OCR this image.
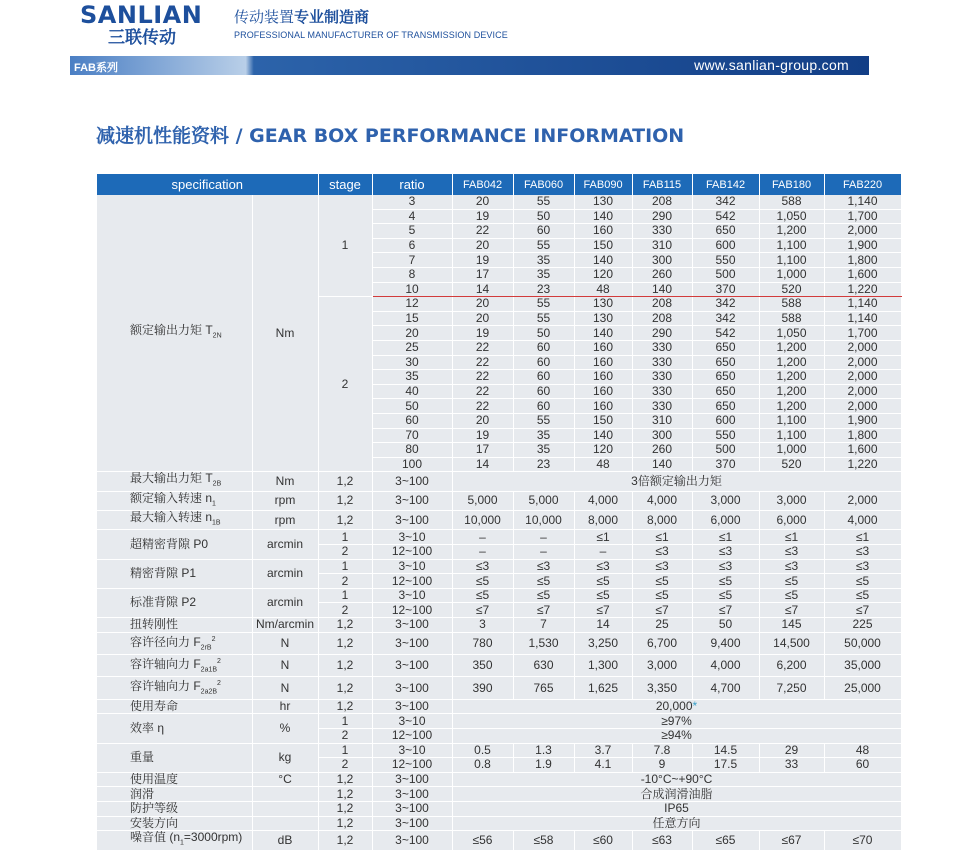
SANLIAN
三联传动
传动装置专业制造商
PROFESSIONAL MANUFACTURER OF TRANSMISSION DEVICE
FAB系列	www.sanlian-group.com
减速机性能资料 / GEAR BOX PERFORMANCE INFORMATION
specification		stage	ratio	FAB042	FAB060	FAB090	FAB115	FAB142	FAB180	FAB220
额定输出力矩 $T_{2N}$	Nm	1	3	20	55	130	208	342	588	1,140
			4	19	50	140	290	542	1,050	1,700
			5	22	60	160	330	650	1,200	2,000
			6	20	55	150	310	600	1,100	1,900
			7	19	35	140	300	550	1,100	1,800
			8	17	35	120	260	500	1,000	1,600
			10	14	23	48	140	370	520	1,220
		2	12	20	55	130	208	342	588	1,140
			15	20	55	130	208	342	588	1,140
			20	19	50	140	290	542	1,050	1,700
			25	22	60	160	330	650	1,200	2,000
			30	22	60	160	330	650	1,200	2,000
			35	22	60	160	330	650	1,200	2,000
			40	22	60	160	330	650	1,200	2,000
			50	22	60	160	330	650	1,200	2,000
			60	20	55	150	310	600	1,100	1,900
			70	19	35	140	300	550	1,100	1,800
			80	17	35	120	260	500	1,000	1,600
			100	14	23	48	140	370	520	1,220
最大输出力矩 $T_{2B}$	Nm	1,2	3~100	3倍额定输出力矩						
额定输入转速 $n_1$	rpm	1,2	3~100	5,000	5,000	4,000	4,000	3,000	3,000	2,000
最大输入转速 $n_{1B}$	rpm	1,2	3~100	10,000	10,000	8,000	8,000	6,000	6,000	4,000
超精密背隙 P0	arcmin	1	3~10	–	–	≤1	≤1	≤1	≤1	≤1
		2	12~100	–	–	–	≤3	≤3	≤3	≤3
精密背隙 P1	arcmin	1	3~10	≤3	≤3	≤3	≤3	≤3	≤3	≤3
		2	12~100	≤5	≤5	≤5	≤5	≤5	≤5	≤5
标准背隙 P2	arcmin	1	3~10	≤5	≤5	≤5	≤5	≤5	≤5	≤5
		2	12~100	≤7	≤7	≤7	≤7	≤7	≤7	≤7
扭转刚性	Nm/arcmin	1,2	3~100	3	7	14	25	50	145	225
容许径向力 $F_{2rB}^2$	N	1,2	3~100	780	1,530	3,250	6,700	9,400	14,500	50,000
容许轴向力 $F_{2a1B}^2$	N	1,2	3~100	350	630	1,300	3,000	4,000	6,200	35,000
容许轴向力 $F_{2a2B}^2$	N	1,2	3~100	390	765	1,625	3,350	4,700	7,250	25,000
使用寿命	hr	1,2	3~100	20,000*						
效率 η	%	1	3~10	≥97%						
		2	12~100	≥94%						
重量	kg	1	3~10	0.5	1.3	3.7	7.8	14.5	29	48
		2	12~100	0.8	1.9	4.1	9	17.5	33	60
使用温度	°C	1,2	3~100	-10°C~+90°C						
润滑		1,2	3~100	合成润滑油脂						
防护等级		1,2	3~100	IP65						
安装方向		1,2	3~100	任意方向						
噪音值 $(n_1=3000rpm)$	dB	1,2	3~100	≤56	≤58	≤60	≤63	≤65	≤67	≤70
